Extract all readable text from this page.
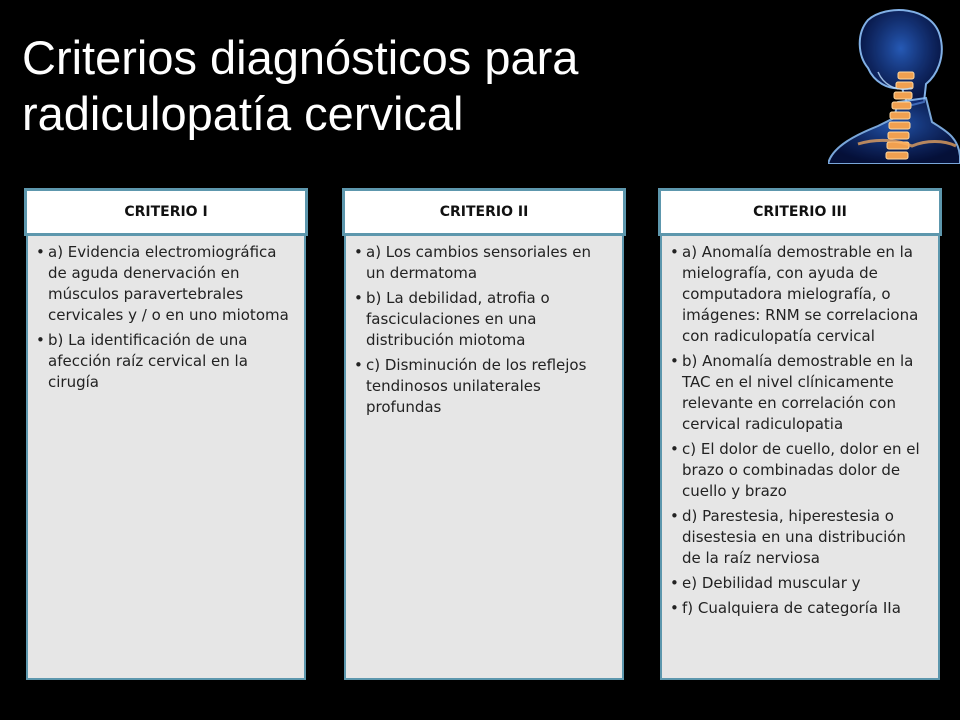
Criterios diagnósticos para
radiculopatía cervical
CRITERIO I
• a) Evidencia electromiográfica de aguda denervación en músculos paravertebrales cervicales y / o en uno miotoma
• b) La identificación de una afección raíz cervical en la cirugía
CRITERIO II
• a) Los cambios sensoriales en un dermatoma
• b) La debilidad, atrofia o fasciculaciones en una distribución miotoma
• c) Disminución de los reflejos tendinosos unilaterales profundas
CRITERIO III
• a) Anomalía demostrable en la mielografía, con ayuda de computadora mielografía, o imágenes: RNM se correlaciona con radiculopatía cervical
• b) Anomalía demostrable en la TAC en el nivel clínicamente relevante en correlación con cervical radiculopatia
• c) El dolor de cuello, dolor en el brazo o combinadas dolor de cuello y brazo
• d) Parestesia, hiperestesia o disestesia en una distribución de la raíz nerviosa
• e) Debilidad muscular y
• f) Cualquiera de categoría IIa
